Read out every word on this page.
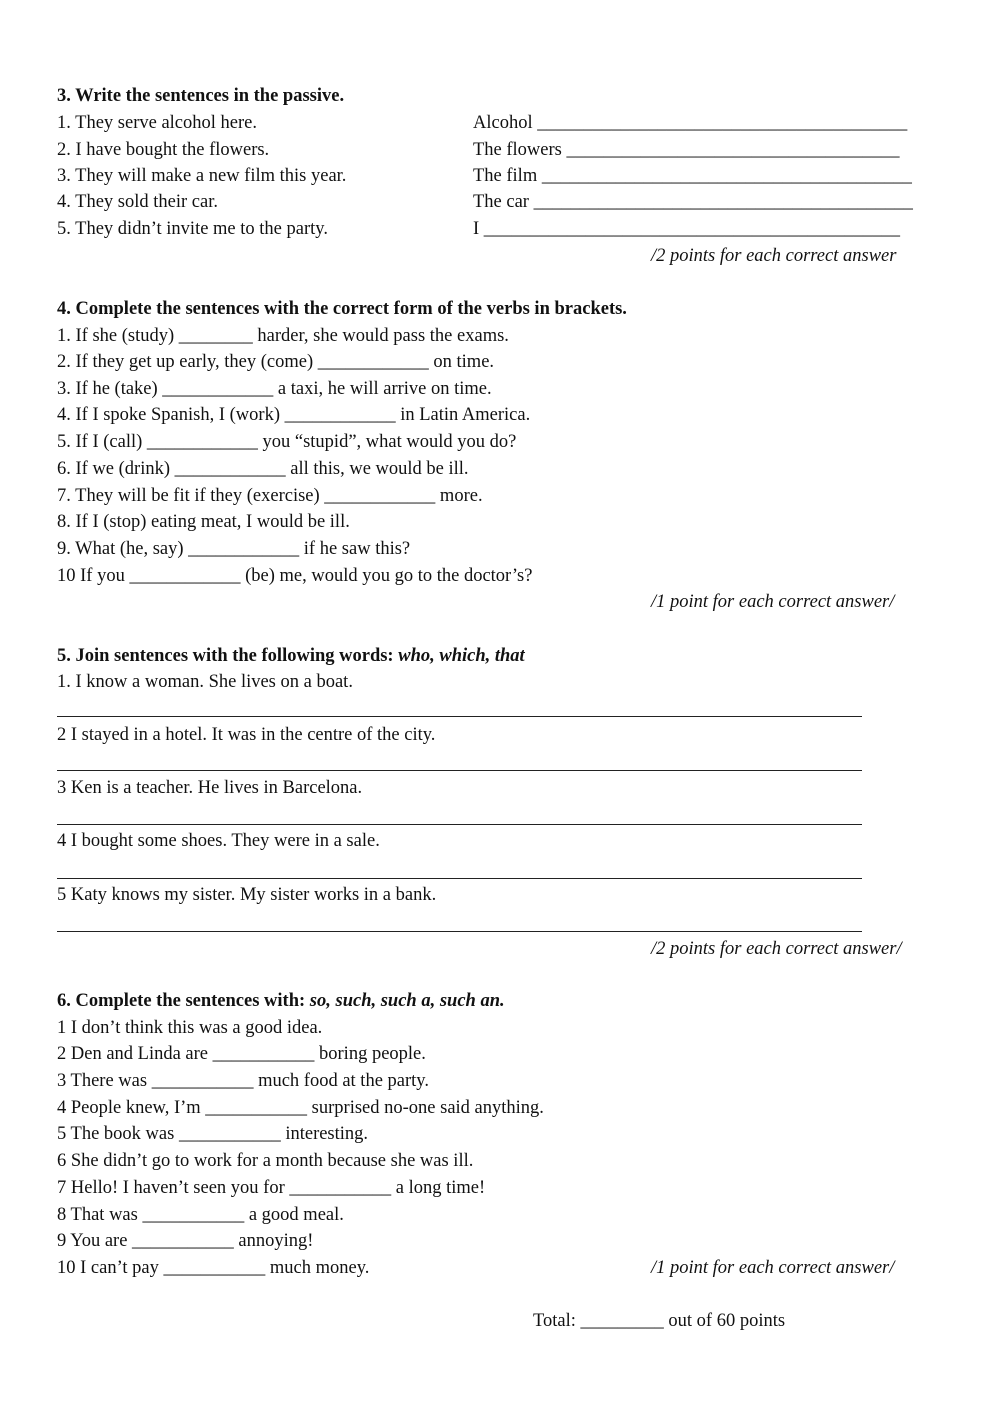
3. Write the sentences in the passive.
1. They serve alcohol here.	Alcohol ________________________________________
2. I have bought the flowers.	The flowers ____________________________________
3. They will make a new film this year.	The film ________________________________________
4. They sold their car.	The car _________________________________________
5. They didn’t invite me to the party.	I _____________________________________________
/2 points for each correct answer
4. Complete the sentences with the correct form of the verbs in brackets.
1. If she (study) ________ harder, she would pass the exams.
2. If they get up early, they (come) ____________ on time.
3. If he (take) ____________ a taxi, he will arrive on time.
4. If I spoke Spanish, I (work) ____________ in Latin America.
5. If I (call) ____________ you “stupid”, what would you do?
6. If we (drink) ____________ all this, we would be ill.
7. They will be fit if they (exercise) ____________ more.
8. If I (stop) eating meat, I would be ill.
9. What (he, say) ____________ if he saw this?
10 If you ____________ (be) me, would you go to the doctor’s?
/1 point for each correct answer/
5. Join sentences with the following words: who, which, that
1. I know a woman. She lives on a boat.
2 I stayed in a hotel. It was in the centre of the city.
3 Ken is a teacher. He lives in Barcelona.
4 I bought some shoes. They were in a sale.
5 Katy knows my sister. My sister works in a bank.
/2 points for each correct answer/
6. Complete the sentences with: so, such, such a, such an.
1 I don’t think this was a good idea.
2 Den and Linda are ___________ boring people.
3 There was ___________ much food at the party.
4 People knew, I’m ___________ surprised no-one said anything.
5 The book was ___________ interesting.
6 She didn’t go to work for a month because she was ill.
7 Hello! I haven’t seen you for ___________ a long time!
8 That was ___________ a good meal.
9 You are ___________ annoying!
10 I can’t pay ___________ much money.	/1 point for each correct answer/
Total: _________ out of 60 points
